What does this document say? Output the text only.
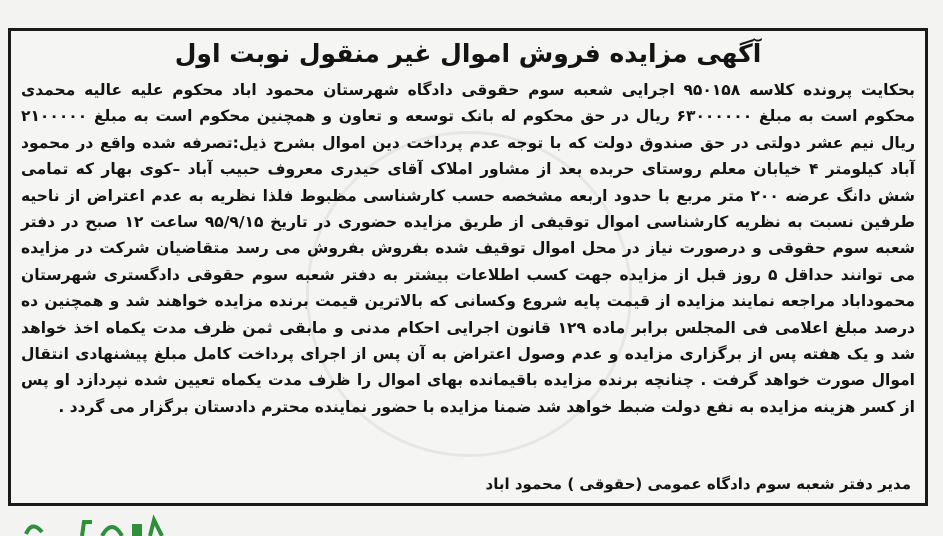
آگهی مزایده فروش اموال غیر منقول نوبت اول

بحکایت پرونده کلاسه ۹۵۰۱۵۸ اجرایی شعبه سوم حقوقی دادگاه شهرستان محمود اباد محکوم علیه عالیه محمدی محکوم است به مبلغ ۶۳۰۰۰۰۰۰ ریال در حق محکوم له بانک توسعه و تعاون و همچنین محکوم است به مبلغ ۲۱۰۰۰۰۰ ریال نیم عشر دولتی در حق صندوق دولت که با توجه عدم پرداخت دین اموال بشرح ذیل:تصرفه شده واقع در محمود آباد کیلومتر ۴ خیابان معلم روستای حربده بعد از مشاور املاک آقای حیدری معروف حبیب آباد –کوی بهار که تمامی شش دانگ عرضه ۲۰۰ متر مربع با حدود اربعه مشخصه حسب کارشناسی مظبوط فلذا نظریه به عدم اعتراض از ناحیه طرفین نسبت به نظریه کارشناسی اموال توقیفی از طریق مزایده حضوری در تاریخ ۹۵/۹/۱۵ ساعت ۱۲ صبح در دفتر شعبه سوم حقوقی و درصورت نیاز در محل اموال توقیف شده بفروش بفروش می رسد متقاضیان شرکت در مزایده می توانند حداقل ۵ روز قبل از مزایده جهت کسب اطلاعات بیشتر به دفتر شعبه سوم حقوقی دادگستری شهرستان محموداباد مراجعه نمایند مزایده از قیمت پایه شروع وکسانی که بالاترین قیمت برنده مزایده خواهند شد و همچنین ده درصد مبلغ اعلامی فی المجلس برابر ماده ۱۲۹ قانون اجرایی احکام مدنی و مابقی ثمن ظرف مدت یکماه اخذ خواهد شد و یک هفته پس از برگزاری مزایده و عدم وصول اعتراض به آن پس از اجرای پرداخت کامل مبلغ پیشنهادی انتقال اموال صورت خواهد گرفت . چنانچه برنده مزایده باقیمانده بهای اموال را ظرف مدت یکماه تعیین شده نپردازد او پس از کسر هزینه مزایده به نفع دولت ضبط خواهد شد ضمنا مزایده با حضور نماینده محترم دادستان برگزار می گردد .

مدیر دفتر شعبه سوم دادگاه عمومی (حقوقی ) محمود اباد
